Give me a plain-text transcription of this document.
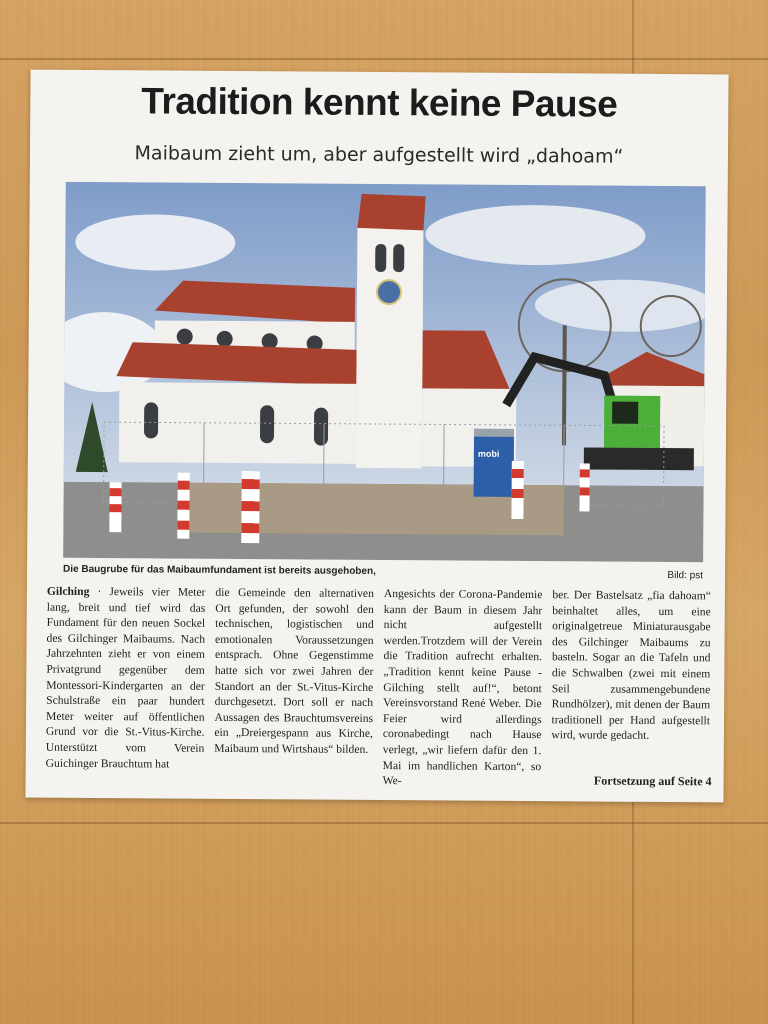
Tradition kennt keine Pause
Maibaum zieht um, aber aufgestellt wird „dahoam“
mobi
Die Baugrube für das Maibaumfundament ist bereits ausgehoben,	Bild: pst

Gilching · Jeweils vier Meter lang, breit und tief wird das Fundament für den neuen Sockel des Gilchinger Maibaums. Nach Jahrzehnten zieht er von einem Privatgrund gegenüber dem Montessori-Kindergarten an der Schulstraße ein paar hundert Meter weiter auf öffentlichen Grund vor die St.-Vitus-Kirche. Unterstützt vom Verein Guichinger Brauchtum hat

die Gemeinde den alternativen Ort gefunden, der sowohl den technischen, logistischen und emotionalen Voraussetzungen entsprach. Ohne Gegenstimme hatte sich vor zwei Jahren der Standort an der St.-Vitus-Kirche durchgesetzt. Dort soll er nach Aussagen des Brauchtumsvereins ein „Dreiergespann aus Kirche, Maibaum und Wirtshaus“ bilden.

Angesichts der Corona-Pandemie kann der Baum in diesem Jahr nicht aufgestellt werden.Trotzdem will der Verein die Tradition aufrecht erhalten. „Tradition kennt keine Pause - Gilching stellt auf!“, betont Vereinsvorstand René Weber. Die Feier wird allerdings coronabedingt nach Hause verlegt, „wir liefern dafür den 1. Mai im handlichen Karton“, so We-

ber. Der Bastelsatz „fia dahoam“ beinhaltet alles, um eine originalgetreue Miniaturausgabe des Gilchinger Maibaums zu basteln. Sogar an die Tafeln und die Schwalben (zwei mit einem Seil zusammengebundene Rundhölzer), mit denen der Baum traditionell per Hand aufgestellt wird, wurde gedacht.

Fortsetzung auf Seite 4
